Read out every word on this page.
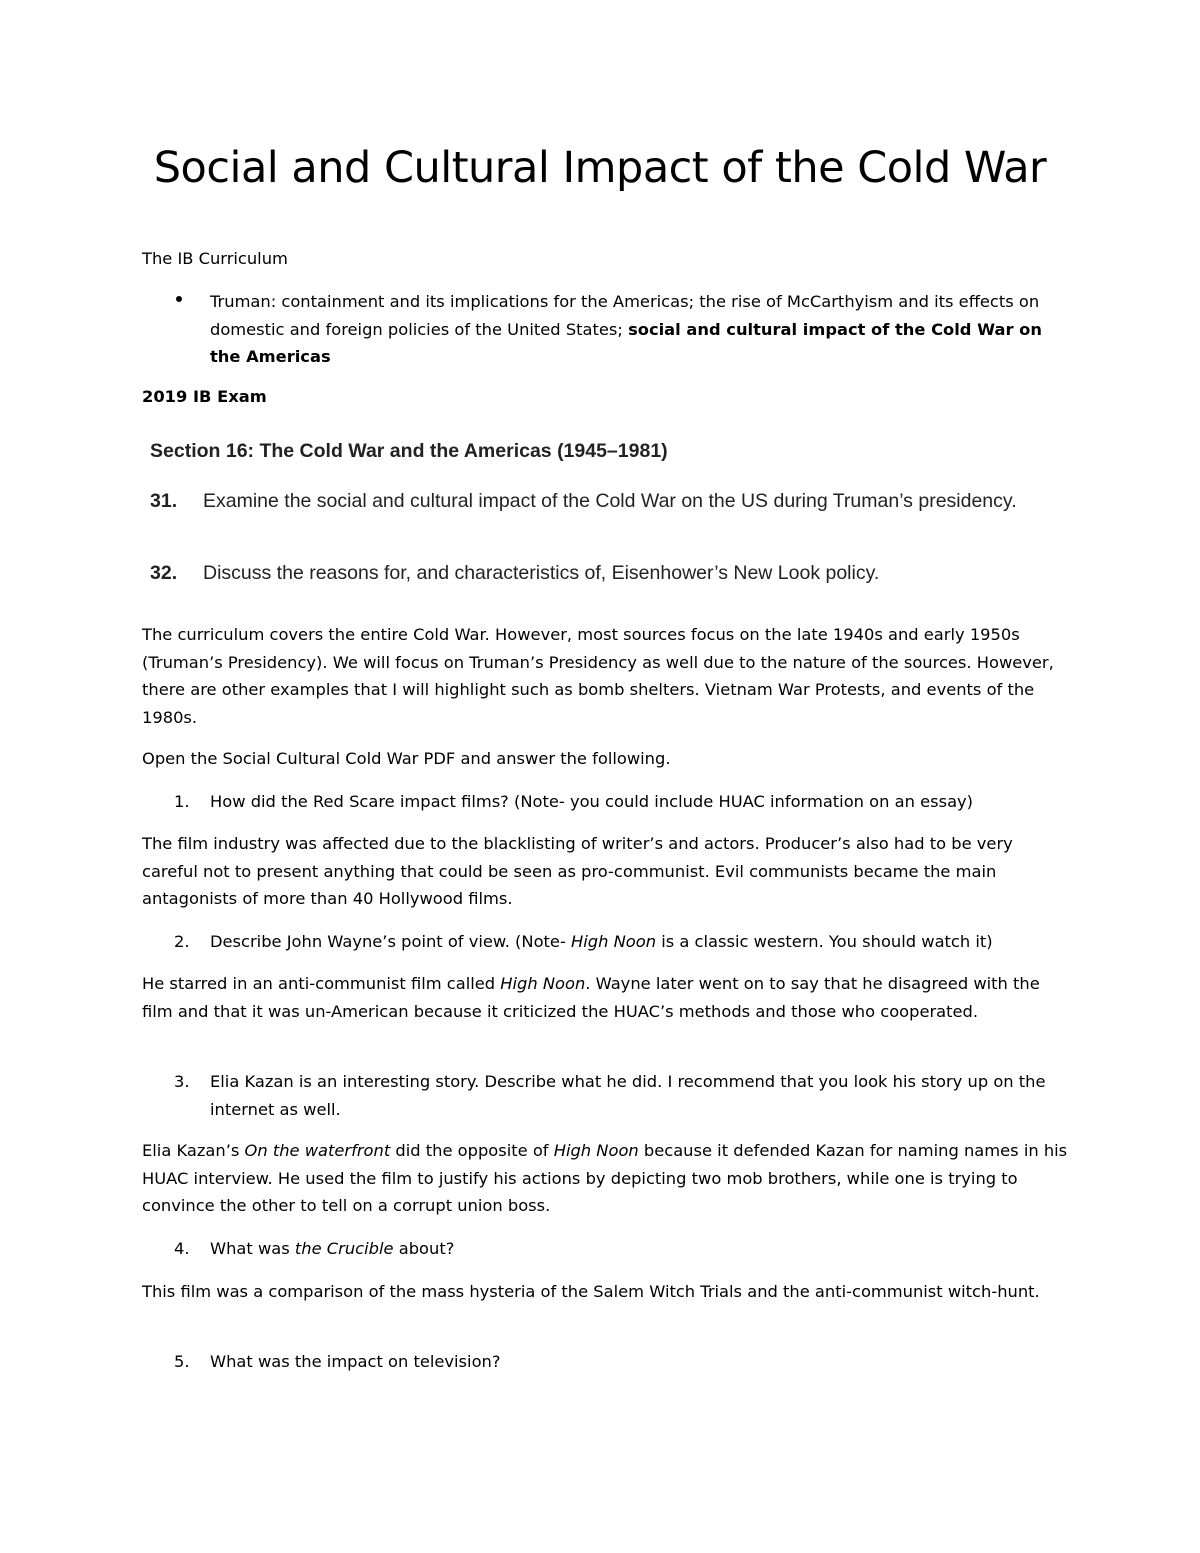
Social and Cultural Impact of the Cold War

The IB Curriculum

Truman: containment and its implications for the Americas; the rise of McCarthyism and its effects on domestic and foreign policies of the United States; social and cultural impact of the Cold War on the Americas

2019 IB Exam

Section 16: The Cold War and the Americas (1945–1981)
31. Examine the social and cultural impact of the Cold War on the US during Truman’s presidency.
32. Discuss the reasons for, and characteristics of, Eisenhower’s New Look policy.

The curriculum covers the entire Cold War. However, most sources focus on the late 1940s and early 1950s (Truman’s Presidency). We will focus on Truman’s Presidency as well due to the nature of the sources. However, there are other examples that I will highlight such as bomb shelters. Vietnam War Protests, and events of the 1980s.

Open the Social Cultural Cold War PDF and answer the following.

1.	How did the Red Scare impact films? (Note- you could include HUAC information on an essay)

The film industry was affected due to the blacklisting of writer’s and actors. Producer’s also had to be very careful not to present anything that could be seen as pro-communist. Evil communists became the main antagonists of more than 40 Hollywood films.

2.	Describe John Wayne’s point of view. (Note- High Noon is a classic western. You should watch it)

He starred in an anti-communist film called High Noon. Wayne later went on to say that he disagreed with the film and that it was un-American because it criticized the HUAC’s methods and those who cooperated.

3.	Elia Kazan is an interesting story. Describe what he did. I recommend that you look his story up on the internet as well.

Elia Kazan’s On the waterfront did the opposite of High Noon because it defended Kazan for naming names in his HUAC interview. He used the film to justify his actions by depicting two mob brothers, while one is trying to convince the other to tell on a corrupt union boss.

4.	What was the Crucible about?

This film was a comparison of the mass hysteria of the Salem Witch Trials and the anti-communist witch-hunt.

5.	What was the impact on television?
